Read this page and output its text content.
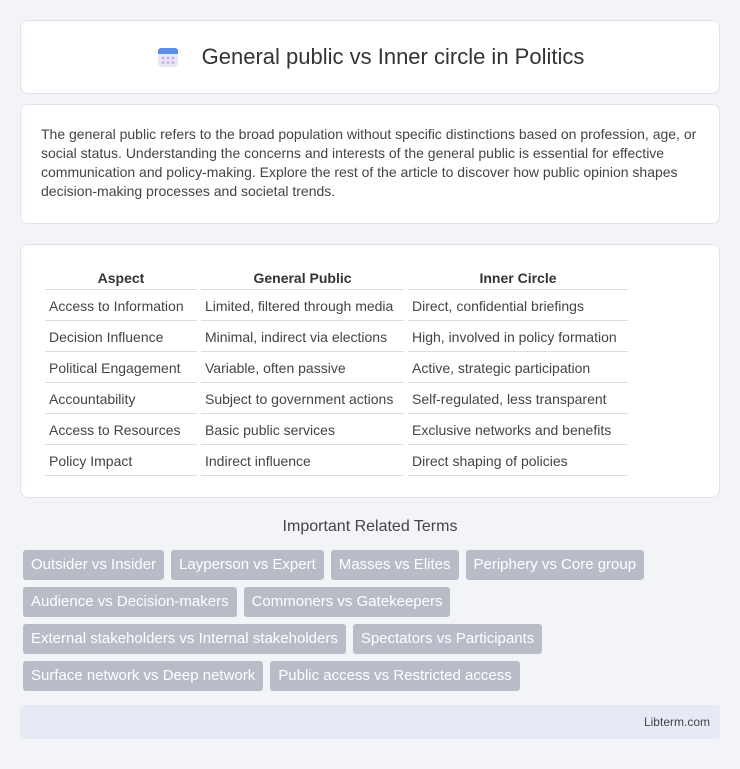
General public vs Inner circle in Politics

The general public refers to the broad population without specific distinctions based on profession, age, or social status. Understanding the concerns and interests of the general public is essential for effective communication and policy-making. Explore the rest of the article to discover how public opinion shapes decision-making processes and societal trends.

Aspect	General Public	Inner Circle
Access to Information	Limited, filtered through media	Direct, confidential briefings
Decision Influence	Minimal, indirect via elections	High, involved in policy formation
Political Engagement	Variable, often passive	Active, strategic participation
Accountability	Subject to government actions	Self-regulated, less transparent
Access to Resources	Basic public services	Exclusive networks and benefits
Policy Impact	Indirect influence	Direct shaping of policies
Important Related Terms
Outsider vs Insider	Layperson vs Expert	Masses vs Elites	Periphery vs Core group
Audience vs Decision-makers	Commoners vs Gatekeepers
External stakeholders vs Internal stakeholders	Spectators vs Participants
Surface network vs Deep network	Public access vs Restricted access
Libterm.com
